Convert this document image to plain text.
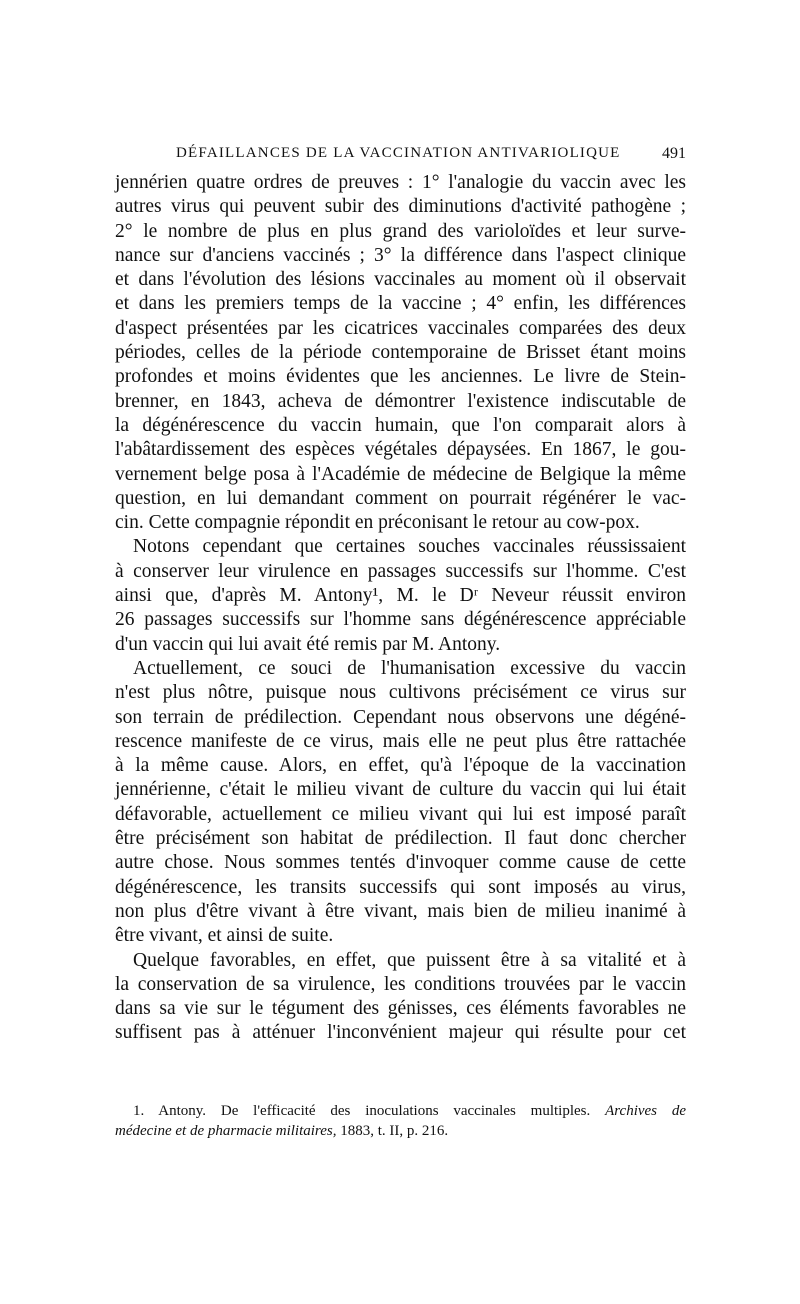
DÉFAILLANCES DE LA VACCINATION ANTIVARIOLIQUE	491
jennérien quatre ordres de preuves : 1° l'analogie du vaccin avec les
autres virus qui peuvent subir des diminutions d'activité pathogène ;
2° le nombre de plus en plus grand des varioloïdes et leur surve-
nance sur d'anciens vaccinés ; 3° la différence dans l'aspect clinique
et dans l'évolution des lésions vaccinales au moment où il observait
et dans les premiers temps de la vaccine ; 4° enfin, les différences
d'aspect présentées par les cicatrices vaccinales comparées des deux
périodes, celles de la période contemporaine de Brisset étant moins
profondes et moins évidentes que les anciennes. Le livre de Stein-
brenner, en 1843, acheva de démontrer l'existence indiscutable de
la dégénérescence du vaccin humain, que l'on comparait alors à
l'abâtardissement des espèces végétales dépaysées. En 1867, le gou-
vernement belge posa à l'Académie de médecine de Belgique la même
question, en lui demandant comment on pourrait régénérer le vac-
cin. Cette compagnie répondit en préconisant le retour au cow-pox.
Notons cependant que certaines souches vaccinales réussissaient
à conserver leur virulence en passages successifs sur l'homme. C'est
ainsi que, d'après M. Antony¹, M. le Dʳ Neveur réussit environ
26 passages successifs sur l'homme sans dégénérescence appréciable
d'un vaccin qui lui avait été remis par M. Antony.
Actuellement, ce souci de l'humanisation excessive du vaccin
n'est plus nôtre, puisque nous cultivons précisément ce virus sur
son terrain de prédilection. Cependant nous observons une dégéné-
rescence manifeste de ce virus, mais elle ne peut plus être rattachée
à la même cause. Alors, en effet, qu'à l'époque de la vaccination
jennérienne, c'était le milieu vivant de culture du vaccin qui lui était
défavorable, actuellement ce milieu vivant qui lui est imposé paraît
être précisément son habitat de prédilection. Il faut donc chercher
autre chose. Nous sommes tentés d'invoquer comme cause de cette
dégénérescence, les transits successifs qui sont imposés au virus,
non plus d'être vivant à être vivant, mais bien de milieu inanimé à
être vivant, et ainsi de suite.
Quelque favorables, en effet, que puissent être à sa vitalité et à
la conservation de sa virulence, les conditions trouvées par le vaccin
dans sa vie sur le tégument des génisses, ces éléments favorables ne
suffisent pas à atténuer l'inconvénient majeur qui résulte pour cet
1. Antony. De l'efficacité des inoculations vaccinales multiples. Archives de
médecine et de pharmacie militaires, 1883, t. II, p. 216.
